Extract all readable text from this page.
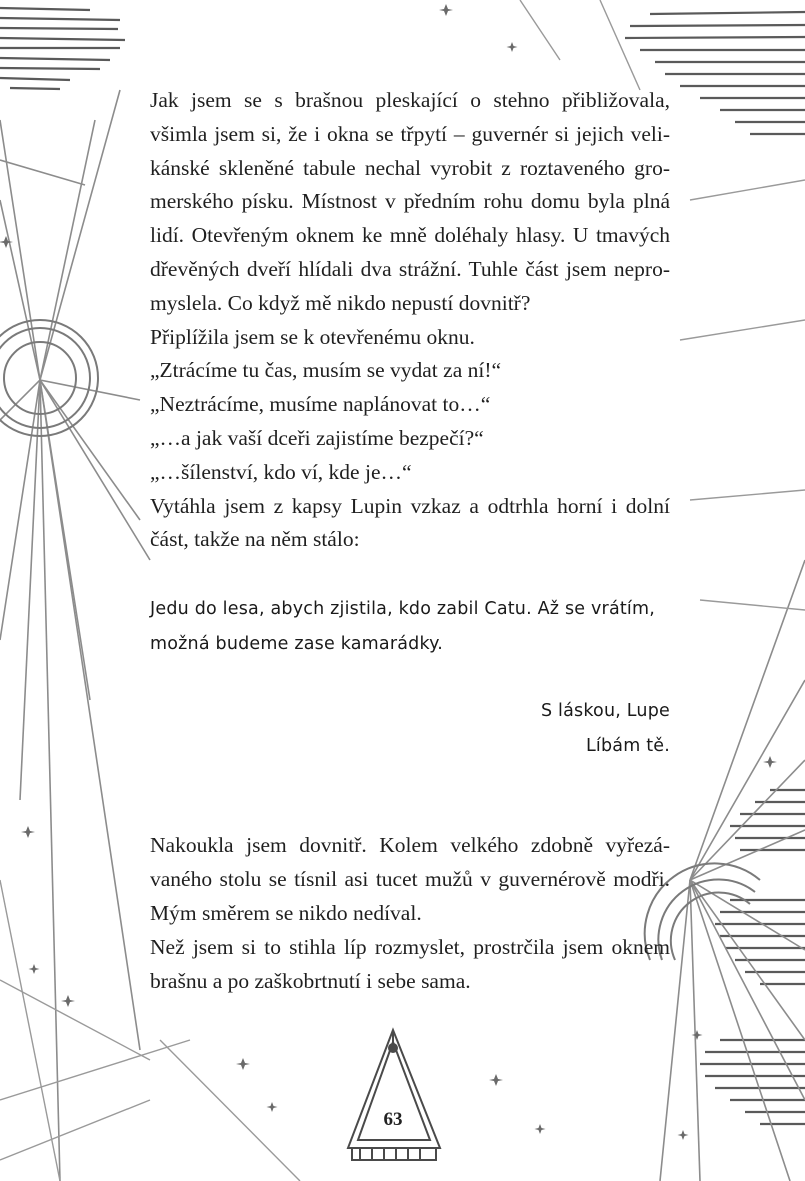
Jak jsem se s brašnou pleskající o stehno přibližovala, všimla jsem si, že i okna se třpytí – guvernér si jejich velikánské skleněné tabule nechal vyrobit z roztaveného gromerského písku. Místnost v předním rohu domu byla plná lidí. Otevřeným oknem ke mně doléhaly hlasy. U tmavých dřevěných dveří hlídali dva strážní. Tuhle část jsem nepromyslela. Co když mě nikdo nepustí dovnitř?

Připlížila jsem se k otevřenému oknu.

„Ztrácíme tu čas, musím se vydat za ní!“

„Neztrácíme, musíme naplánovat to…“

„…a jak vaší dceři zajistíme bezpečí?“

„…šílenství, kdo ví, kde je…“

Vytáhla jsem z kapsy Lupin vzkaz a odtrhla horní i dolní část, takže na něm stálo:

Jedu do lesa, abych zjistila, kdo zabil Catu. Až se vrátím, možná budeme zase kamarádky.
S láskou, Lupe
Líbám tě.

Nakoukla jsem dovnitř. Kolem velkého zdobně vyřezávaného stolu se tísnil asi tucet mužů v guvernérově modři. Mým směrem se nikdo nedíval.

Než jsem si to stihla líp rozmyslet, prostrčila jsem oknem brašnu a po zaškobrtnutí i sebe sama.

63
